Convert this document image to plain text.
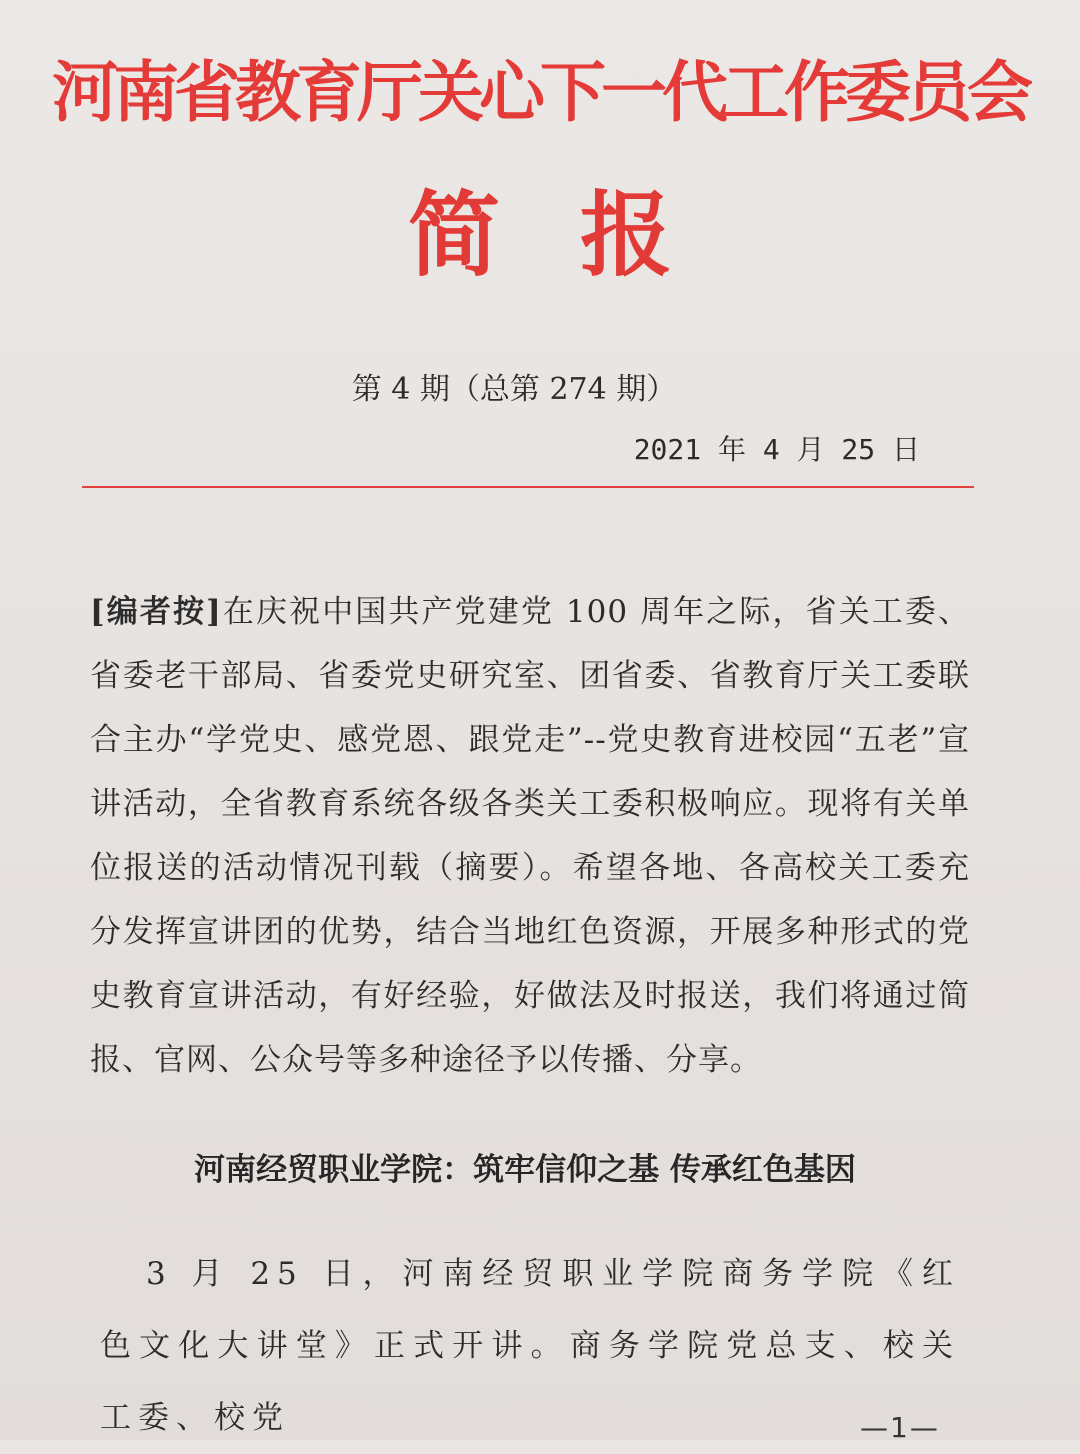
河南省教育厅关心下一代工作委员会
简报
第 4 期（总第 274 期）
2021 年 4 月 25 日
[编者按]在庆祝中国共产党建党 100 周年之际，省关工委、省委老干部局、省委党史研究室、团省委、省教育厅关工委联合主办“学党史、感党恩、跟党走”--党史教育进校园“五老”宣讲活动，全省教育系统各级各类关工委积极响应。现将有关单位报送的活动情况刊载（摘要）。希望各地、各高校关工委充分发挥宣讲团的优势，结合当地红色资源，开展多种形式的党史教育宣讲活动，有好经验，好做法及时报送，我们将通过简报、官网、公众号等多种途径予以传播、分享。
河南经贸职业学院：筑牢信仰之基 传承红色基因
3 月 25 日，河南经贸职业学院商务学院《红色文化大讲堂》正式开讲。商务学院党总支、校关工委、校党	—1—
